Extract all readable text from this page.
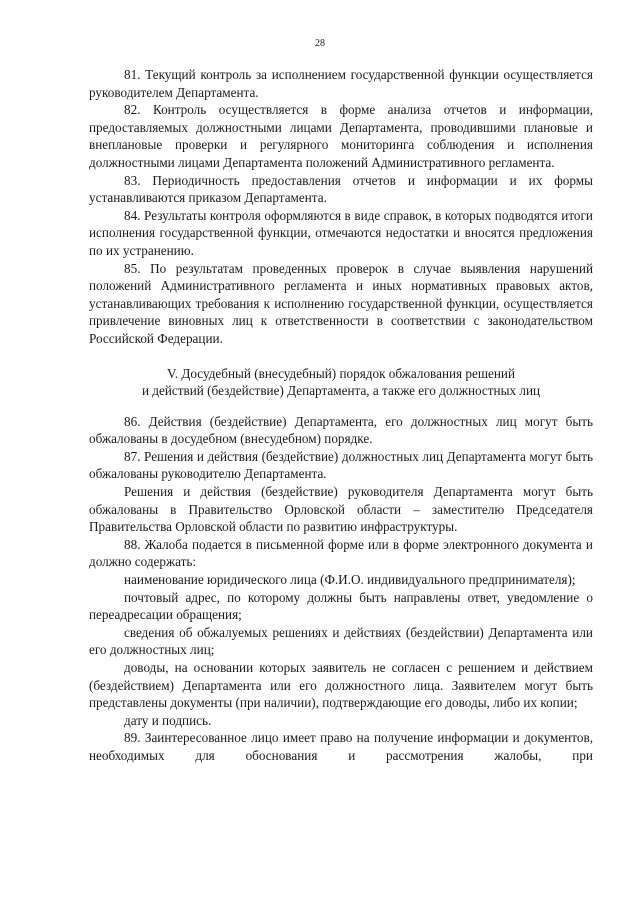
28

81. Текущий контроль за исполнением государственной функции осуществляется руководителем Департамента.

82. Контроль осуществляется в форме анализа отчетов и информации, предоставляемых должностными лицами Департамента, проводившими плановые и внеплановые проверки и регулярного мониторинга соблюдения и исполнения должностными лицами Департамента положений Административного регламента.

83. Периодичность предоставления отчетов и информации и их формы устанавливаются приказом Департамента.

84. Результаты контроля оформляются в виде справок, в которых подводятся итоги исполнения государственной функции, отмечаются недостатки и вносятся предложения по их устранению.

85. По результатам проведенных проверок в случае выявления нарушений положений Административного регламента и иных нормативных правовых актов, устанавливающих требования к исполнению государственной функции, осуществляется привлечение виновных лиц к ответственности в соответствии с законодательством Российской Федерации.

V. Досудебный (внесудебный) порядок обжалования решений
и действий (бездействие) Департамента, а также его должностных лиц

86. Действия (бездействие) Департамента, его должностных лиц могут быть обжалованы в досудебном (внесудебном) порядке.

87. Решения и действия (бездействие) должностных лиц Департамента могут быть обжалованы руководителю Департамента.

Решения и действия (бездействие) руководителя Департамента могут быть обжалованы в Правительство Орловской области – заместителю Председателя Правительства Орловской области по развитию инфраструктуры.

88. Жалоба подается в письменной форме или в форме электронного документа и должно содержать:

наименование юридического лица (Ф.И.О. индивидуального предпринимателя);

почтовый адрес, по которому должны быть направлены ответ, уведомление о переадресации обращения;

сведения об обжалуемых решениях и действиях (бездействии) Департамента или его должностных лиц;

доводы, на основании которых заявитель не согласен с решением и действием (бездействием) Департамента или его должностного лица. Заявителем могут быть представлены документы (при наличии), подтверждающие его доводы, либо их копии;

дату и подпись.

89. Заинтересованное лицо имеет право на получение информации и документов, необходимых для обоснования и рассмотрения жалобы, при
